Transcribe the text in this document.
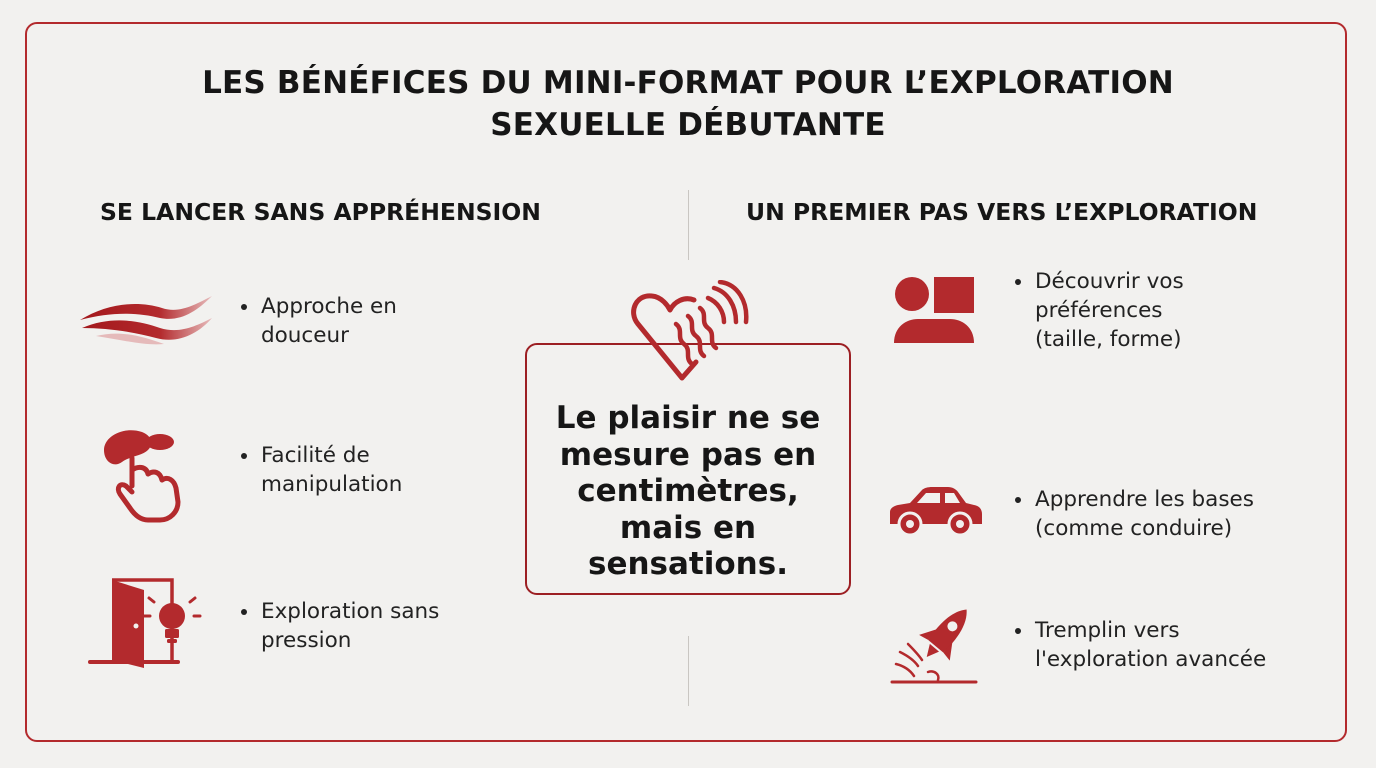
LES BÉNÉFICES DU MINI-FORMAT POUR L’EXPLORATION
SEXUELLE DÉBUTANTE
SE LANCER SANS APPRÉHENSION	UN PREMIER PAS VERS L’EXPLORATION
Approche en
douceur
Facilité de
manipulation
Exploration sans
pression
Le plaisir ne se
mesure pas en
centimètres,
mais en
sensations.
Découvrir vos
préférences
(taille, forme)
Apprendre les bases
(comme conduire)
Tremplin vers
l'exploration avancée
